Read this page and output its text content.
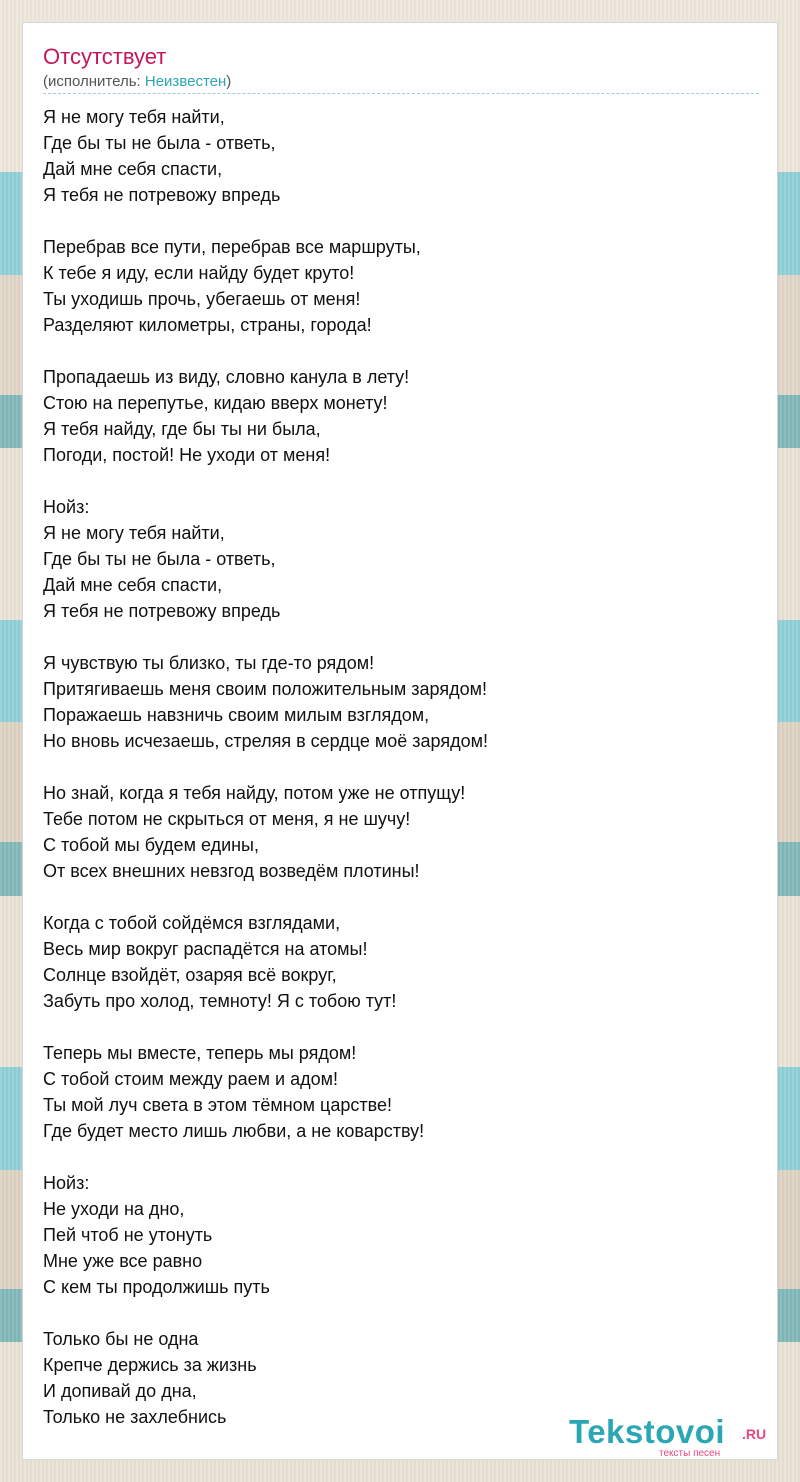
Отсутствует
(исполнитель: Неизвестен)
Я не могу тебя найти,
Где бы ты не была - ответь,
Дай мне себя спасти,
Я тебя не потревожу впредь

Перебрав все пути, перебрав все маршруты,
К тебе я иду, если найду будет круто!
Ты уходишь прочь, убегаешь от меня!
Разделяют километры, страны, города!

Пропадаешь из виду, словно канула в лету!
Стою на перепутье, кидаю вверх монету!
Я тебя найду, где бы ты ни была,
Погоди, постой! Не уходи от меня!

Нойз:
Я не могу тебя найти,
Где бы ты не была - ответь,
Дай мне себя спасти,
Я тебя не потревожу впредь

Я чувствую ты близко, ты где-то рядом!
Притягиваешь меня своим положительным зарядом!
Поражаешь навзничь своим милым взглядом,
Но вновь исчезаешь, стреляя в сердце моё зарядом!

Но знай, когда я тебя найду, потом уже не отпущу!
Тебе потом не скрыться от меня, я не шучу!
С тобой мы будем едины,
От всех внешних невзгод возведём плотины!

Когда с тобой сойдёмся взглядами,
Весь мир вокруг распадётся на атомы!
Солнце взойдёт, озаряя всё вокруг,
Забуть про холод, темноту! Я с тобою тут!

Теперь мы вместе, теперь мы рядом!
С тобой стоим между раем и адом!
Ты мой луч света в этом тёмном царстве!
Где будет место лишь любви, а не коварству!

Нойз:
Не уходи на дно,
Пей чтоб не утонуть
Мне уже все равно
С кем ты продолжишь путь

Только бы не одна
Крепче держись за жизнь
И допивай до дна,
Только не захлебнись	Tekstovoi .RU
тексты песен
